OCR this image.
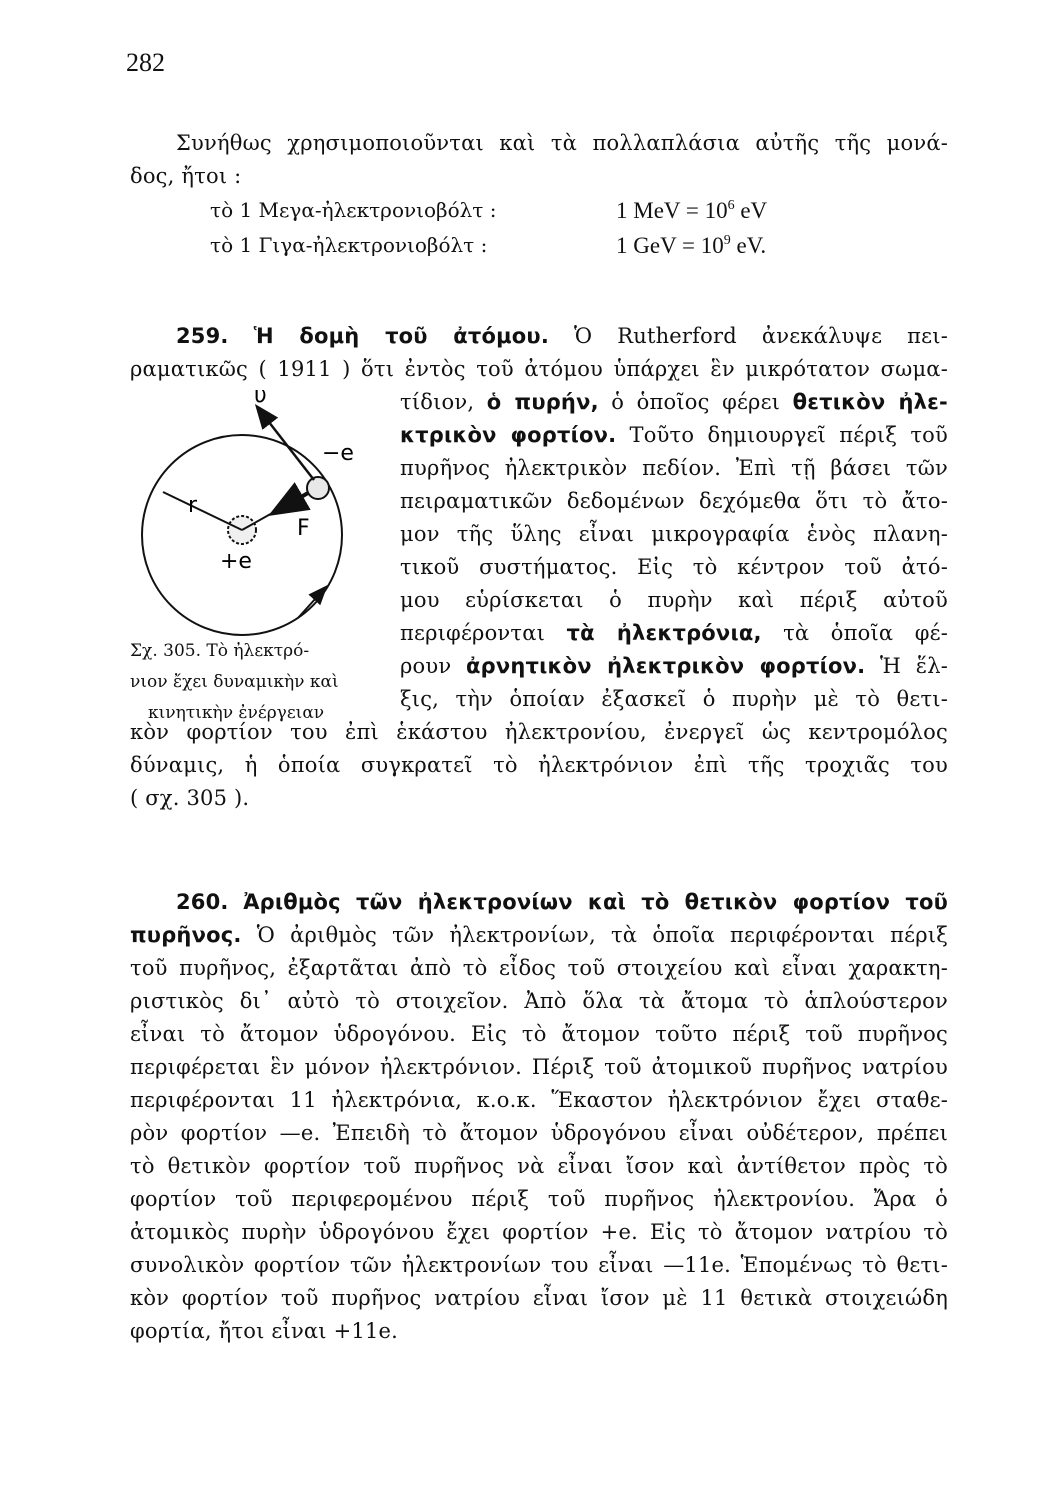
282
Συνήθως χρησιμοποιοῦνται καὶ τὰ πολλαπλάσια αὐτῆς τῆς μονά-
δος, ἤτοι :
τὸ 1 Μεγα-ἠλεκτρονιοβόλτ :	1 MeV = $10^6$ eV
τὸ 1 Γιγα-ἠλεκτρονιοβόλτ :	1 GeV = $10^9$ eV.
259. Ἡ δομὴ τοῦ ἀτόμου. Ὁ Rutherford ἀνεκάλυψε πει-
ραματικῶς ( 1911 ) ὅτι ἐντὸς τοῦ ἀτόμου ὑπάρχει ἓν μικρότατον σωμα-
τίδιον, ὁ πυρήν, ὁ ὁποῖος φέρει θετικὸν ἠλε-
κτρικὸν φορτίον. Τοῦτο δημιουργεῖ πέριξ τοῦ
πυρῆνος ἠλεκτρικὸν πεδίον. Ἐπὶ τῇ βάσει τῶν
πειραματικῶν δεδομένων δεχόμεθα ὅτι τὸ ἄτο-
μον τῆς ὕλης εἶναι μικρογραφία ἑνὸς πλανη-
τικοῦ συστήματος. Εἰς τὸ κέντρον τοῦ ἀτό-
μου εὑρίσκεται ὁ πυρὴν καὶ πέριξ αὐτοῦ
περιφέρονται τὰ ἠλεκτρόνια, τὰ ὁποῖα φέ-
ρουν ἀρνητικὸν ἠλεκτρικὸν φορτίον. Ἡ ἕλ-
ξις, τὴν ὁποίαν ἐξασκεῖ ὁ πυρὴν μὲ τὸ θετι-
κὸν φορτίον του ἐπὶ ἑκάστου ἠλεκτρονίου, ἐνεργεῖ ὡς κεντρομόλος
δύναμις, ἡ ὁποία συγκρατεῖ τὸ ἠλεκτρόνιον ἐπὶ τῆς τροχιᾶς του
( σχ. 305 ).
υ
−e
r
F
+e
Σχ. 305. Τὸ ἠλεκτρό-
νιον ἔχει δυναμικὴν καὶ
κινητικὴν ἐνέργειαν
260. Ἀριθμὸς τῶν ἠλεκτρονίων καὶ τὸ θετικὸν φορτίον τοῦ
πυρῆνος. Ὁ ἀριθμὸς τῶν ἠλεκτρονίων, τὰ ὁποῖα περιφέρονται πέριξ
τοῦ πυρῆνος, ἐξαρτᾶται ἀπὸ τὸ εἶδος τοῦ στοιχείου καὶ εἶναι χαρακτη-
ριστικὸς δι᾿ αὐτὸ τὸ στοιχεῖον. Ἀπὸ ὅλα τὰ ἄτομα τὸ ἁπλούστερον
εἶναι τὸ ἄτομον ὑδρογόνου. Εἰς τὸ ἄτομον τοῦτο πέριξ τοῦ πυρῆνος
περιφέρεται ἓν μόνον ἠλεκτρόνιον. Πέριξ τοῦ ἀτομικοῦ πυρῆνος νατρίου
περιφέρονται 11 ἠλεκτρόνια, κ.ο.κ. Ἕκαστον ἠλεκτρόνιον ἔχει σταθε-
ρὸν φορτίον —e. Ἐπειδὴ τὸ ἄτομον ὑδρογόνου εἶναι οὐδέτερον, πρέπει
τὸ θετικὸν φορτίον τοῦ πυρῆνος νὰ εἶναι ἴσον καὶ ἀντίθετον πρὸς τὸ
φορτίον τοῦ περιφερομένου πέριξ τοῦ πυρῆνος ἠλεκτρονίου. Ἄρα ὁ
ἀτομικὸς πυρὴν ὑδρογόνου ἔχει φορτίον +e. Εἰς τὸ ἄτομον νατρίου τὸ
συνολικὸν φορτίον τῶν ἠλεκτρονίων του εἶναι —11e. Ἑπομένως τὸ θετι-
κὸν φορτίον τοῦ πυρῆνος νατρίου εἶναι ἴσον μὲ 11 θετικὰ στοιχειώδη
φορτία, ἤτοι εἶναι +11e.
